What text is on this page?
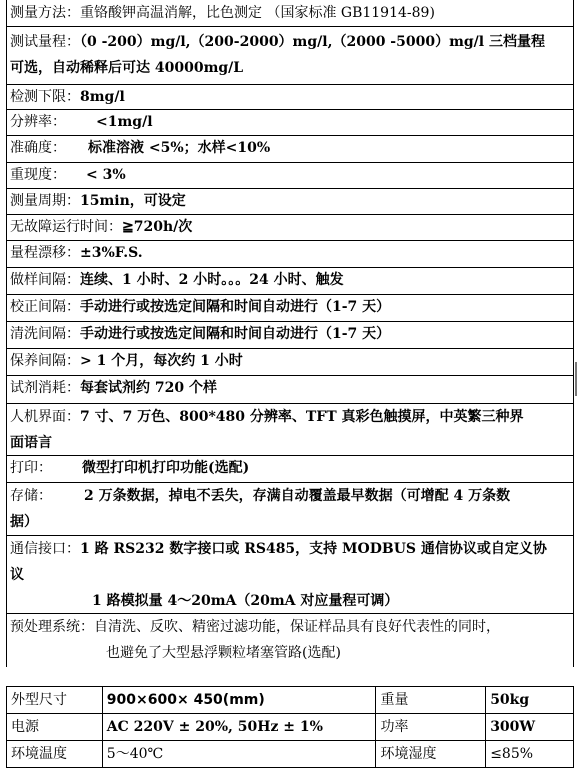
测量方法：重铬酸钾高温消解，比色测定 （国家标准 GB11914-89)
测试量程：（0 -200）mg/l,（200-2000）mg/l,（2000 -5000）mg/l 三档量程
可选，自动稀释后可达 40000mg/L
检测下限：8mg/l
分辨率： <1mg/l
准确度： 标准溶液 <5%；水样<10%
重现度： < 3%
测量周期：15min，可设定
无故障运行时间：≧720h/次
量程漂移：±3%F.S.
做样间隔：连续、1 小时、2 小时。。。24 小时、触发
校正间隔：手动进行或按选定间隔和时间自动进行（1-7 天）
清洗间隔：手动进行或按选定间隔和时间自动进行（1-7 天）
保养间隔：> 1 个月，每次约 1 小时
试剂消耗：每套试剂约 720 个样
人机界面：7 寸、7 万色、800*480 分辨率、TFT 真彩色触摸屏，中英繁三种界
面语言
打印： 微型打印机打印功能(选配)
存储： 2 万条数据，掉电不丢失，存满自动覆盖最早数据（可增配 4 万条数
据）
通信接口：1 路 RS232 数字接口或 RS485，支持 MODBUS 通信协议或自定义协
议
1 路模拟量 4～20mA（20mA 对应量程可调）
预处理系统：自清洗、反吹、精密过滤功能，保证样品具有良好代表性的同时，
也避免了大型悬浮颗粒堵塞管路(选配)
外型尺寸	900×600× 450(mm)	重量	50kg
电源	AC 220V ± 20%, 50Hz ± 1%	功率	300W
环境温度	5～40℃	环境湿度	≤85%
